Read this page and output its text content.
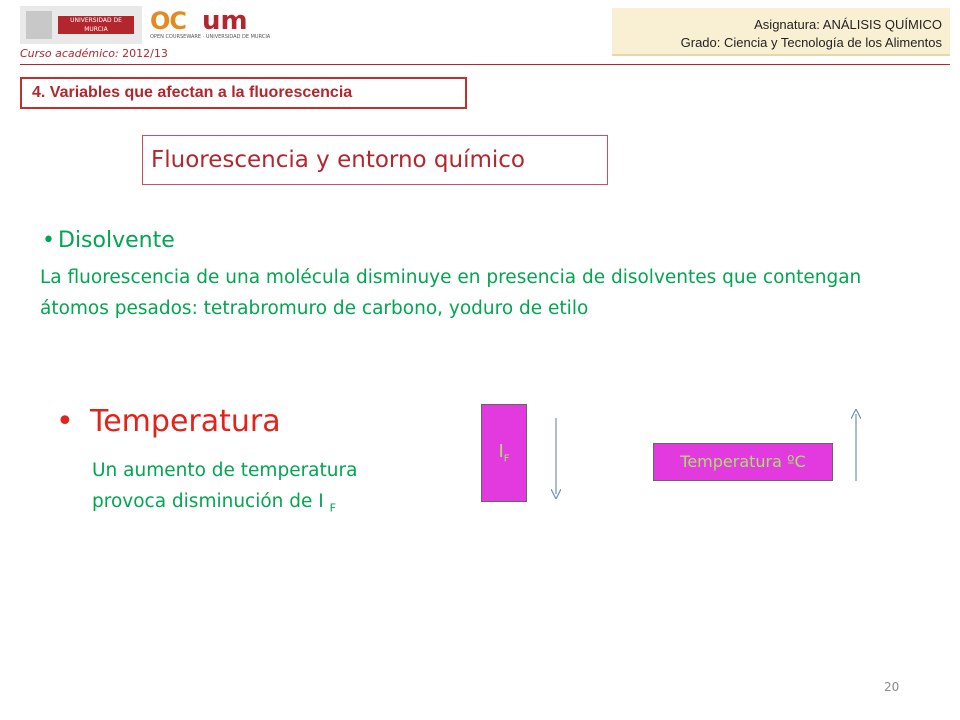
UNIVERSIDAD DE MURCIA	OC um
OPEN COURSEWARE · UNIVERSIDAD DE MURCIA
Curso académico: 2012/13
Asignatura: ANÁLISIS QUÍMICO
Grado: Ciencia y Tecnología de los Alimentos
4. Variables que afectan a la fluorescencia
Fluorescencia y entorno químico
• Disolvente
La fluorescencia de una molécula disminuye en presencia de disolventes que contengan átomos pesados: tetrabromuro de carbono, yoduro de etilo
• Temperatura
Un aumento de temperatura
provoca disminución de I $_F$
$I_F$	Temperatura ºC
20
